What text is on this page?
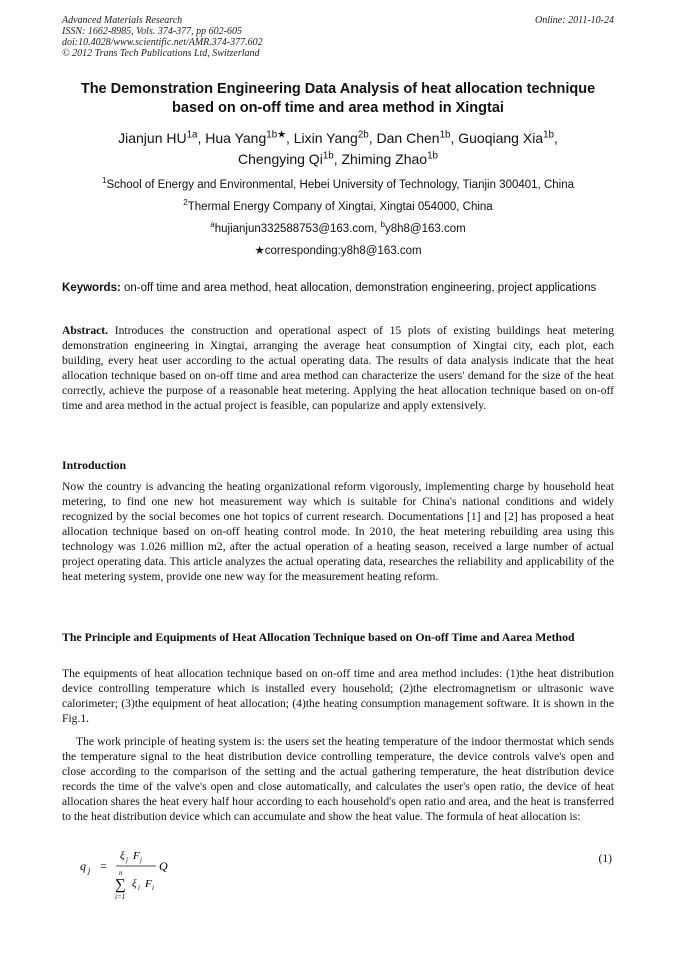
Advanced Materials Research
ISSN: 1662-8985, Vols. 374-377, pp 602-605
doi:10.4028/www.scientific.net/AMR.374-377.602
© 2012 Trans Tech Publications Ltd, Switzerland
Online: 2011-10-24
The Demonstration Engineering Data Analysis of heat allocation technique based on on-off time and area method in Xingtai
Jianjun $HU^{1a}$, Hua Yang$^{1b★}$, Lixin Yang$^{2b}$, Dan Chen$^{1b}$, Guoqiang Xia$^{1b}$,
Chengying $Qi^{1b}$, Zhiming Zhao$^{1b}$
$^1$School of Energy and Environmental, Hebei University of Technology, Tianjin 300401, China
$^2$Thermal Energy Company of Xingtai, Xingtai 054000, China
$^a$hujianjun332588753@163.com, $^b$y8h8@163.com
★corresponding:y8h8@163.com
Keywords: on-off time and area method, heat allocation, demonstration engineering, project applications
Abstract. Introduces the construction and operational aspect of 15 plots of existing buildings heat metering demonstration engineering in Xingtai, arranging the average heat consumption of Xingtai city, each plot, each building, every heat user according to the actual operating data. The results of data analysis indicate that the heat allocation technique based on on-off time and area method can characterize the users' demand for the size of the heat correctly, achieve the purpose of a reasonable heat metering. Applying the heat allocation technique based on on-off time and area method in the actual project is feasible, can popularize and apply extensively.
Introduction
Now the country is advancing the heating organizational reform vigorously, implementing charge by household heat metering, to find one new hot measurement way which is suitable for China's national conditions and widely recognized by the social becomes one hot topics of current research. Documentations [1] and [2] has proposed a heat allocation technique based on on-off heating control mode. In 2010, the heat metering rebuilding area using this technology was 1.026 million m2, after the actual operation of a heating season, received a large number of actual project operating data. This article analyzes the actual operating data, researches the reliability and applicability of the heat metering system, provide one new way for the measurement heating reform.
The Principle and Equipments of Heat Allocation Technique based on On-off Time and Aarea Method
The equipments of heat allocation technique based on on-off time and area method includes: (1)the heat distribution device controlling temperature which is installed every household; (2)the electromagnetism or ultrasonic wave calorimeter; (3)the equipment of heat allocation; (4)the heating consumption management software. It is shown in the Fig.1.
The work principle of heating system is: the users set the heating temperature of the indoor thermostat which sends the temperature signal to the heat distribution device controlling temperature, the device controls valve's open and close according to the comparison of the setting and the actual gathering temperature, the heat distribution device records the time of the valve's open and close automatically, and calculates the user's open ratio, the device of heat allocation shares the heat every half hour according to each household's open ratio and area, and the heat is transferred to the heat distribution device which can accumulate and show the heat value. The formula of heat allocation is:
q j =
ξ j F j Q
n
∑
i=1
ξ i F i
(1)
